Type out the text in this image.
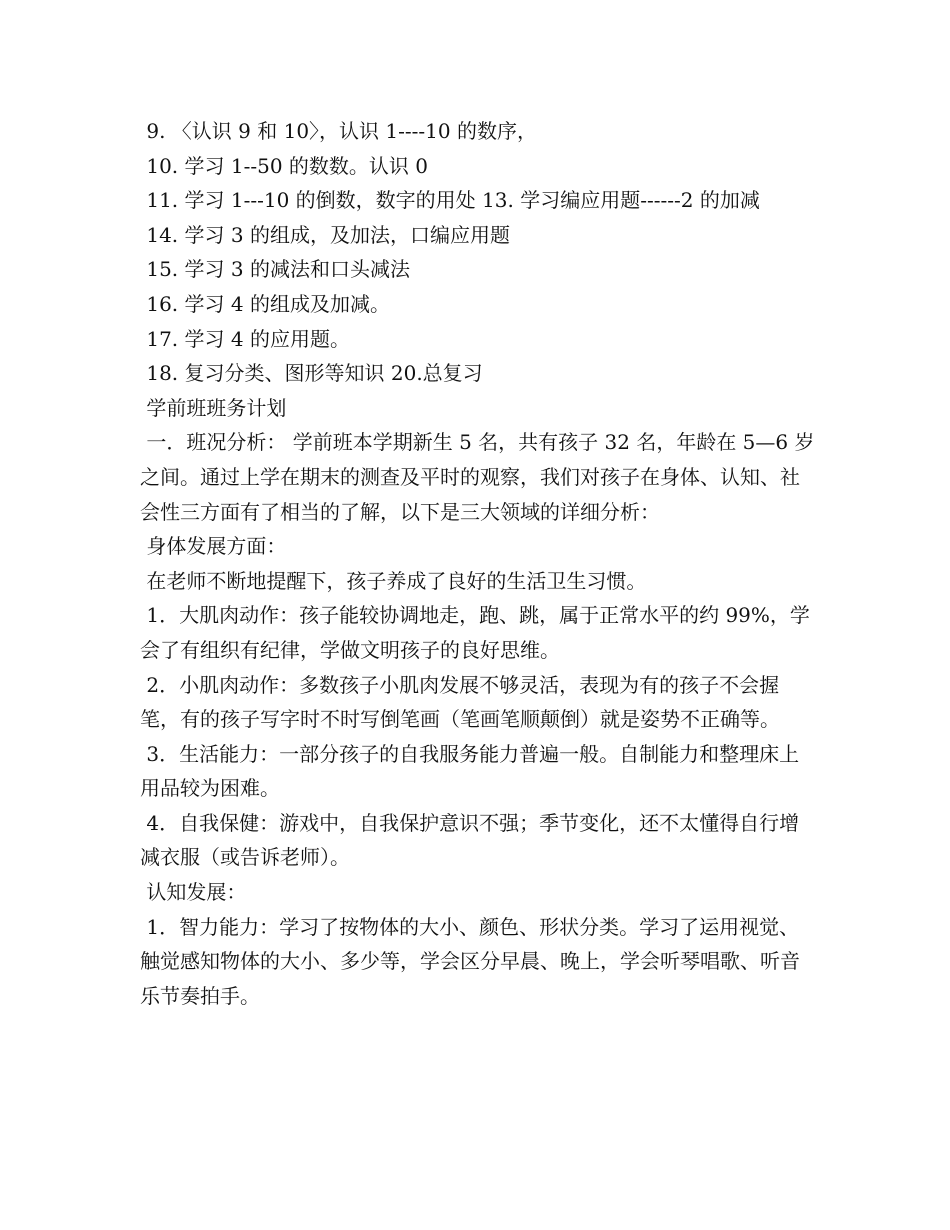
9. 〈认识 9 和 10〉，认识 1----10 的数序，
10. 学习 1--50 的数数。认识 0
11. 学习 1---10 的倒数，数字的用处 13. 学习编应用题------2 的加减
14. 学习 3 的组成，及加法，口编应用题
15. 学习 3 的减法和口头减法
16. 学习 4 的组成及加减。
17. 学习 4 的应用题。
18. 复习分类、图形等知识 20.总复习
学前班班务计划
一．班况分析： 学前班本学期新生 5 名，共有孩子 32 名，年龄在 5—6 岁之间。通过上学在期末的测查及平时的观察，我们对孩子在身体、认知、社会性三方面有了相当的了解，以下是三大领域的详细分析：
身体发展方面：
在老师不断地提醒下，孩子养成了良好的生活卫生习惯。
1．大肌肉动作：孩子能较协调地走，跑、跳，属于正常水平的约 99%，学会了有组织有纪律，学做文明孩子的良好思维。
2．小肌肉动作：多数孩子小肌肉发展不够灵活，表现为有的孩子不会握笔，有的孩子写字时不时写倒笔画（笔画笔顺颠倒）就是姿势不正确等。
3．生活能力：一部分孩子的自我服务能力普遍一般。自制能力和整理床上用品较为困难。
4．自我保健：游戏中，自我保护意识不强；季节变化，还不太懂得自行增减衣服（或告诉老师）。
认知发展：
1．智力能力：学习了按物体的大小、颜色、形状分类。学习了运用视觉、触觉感知物体的大小、多少等，学会区分早晨、晚上，学会听琴唱歌、听音乐节奏拍手。
